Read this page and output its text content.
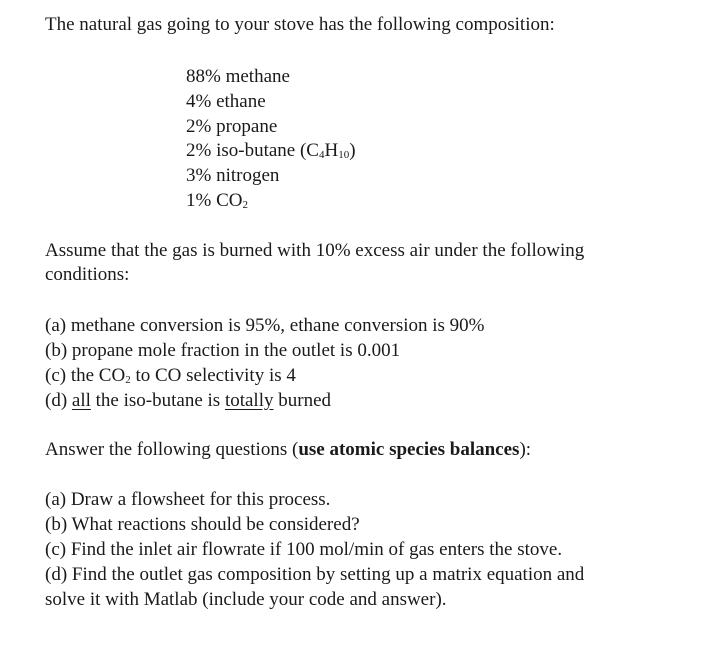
The natural gas going to your stove has the following composition:
88% methane
4% ethane
2% propane
2% iso-butane $(C_4H_{10})$
3% nitrogen
1% $CO_2$
Assume that the gas is burned with 10% excess air under the following
conditions:
(a) methane conversion is 95%, ethane conversion is 90%
(b) propane mole fraction in the outlet is 0.001
(c) the $CO_2$ to CO selectivity is 4
(d) all the iso-butane is totally burned
Answer the following questions (use atomic species balances):
(a) Draw a flowsheet for this process.
(b) What reactions should be considered?
(c) Find the inlet air flowrate if 100 mol/min of gas enters the stove.
(d) Find the outlet gas composition by setting up a matrix equation and
solve it with Matlab (include your code and answer).
